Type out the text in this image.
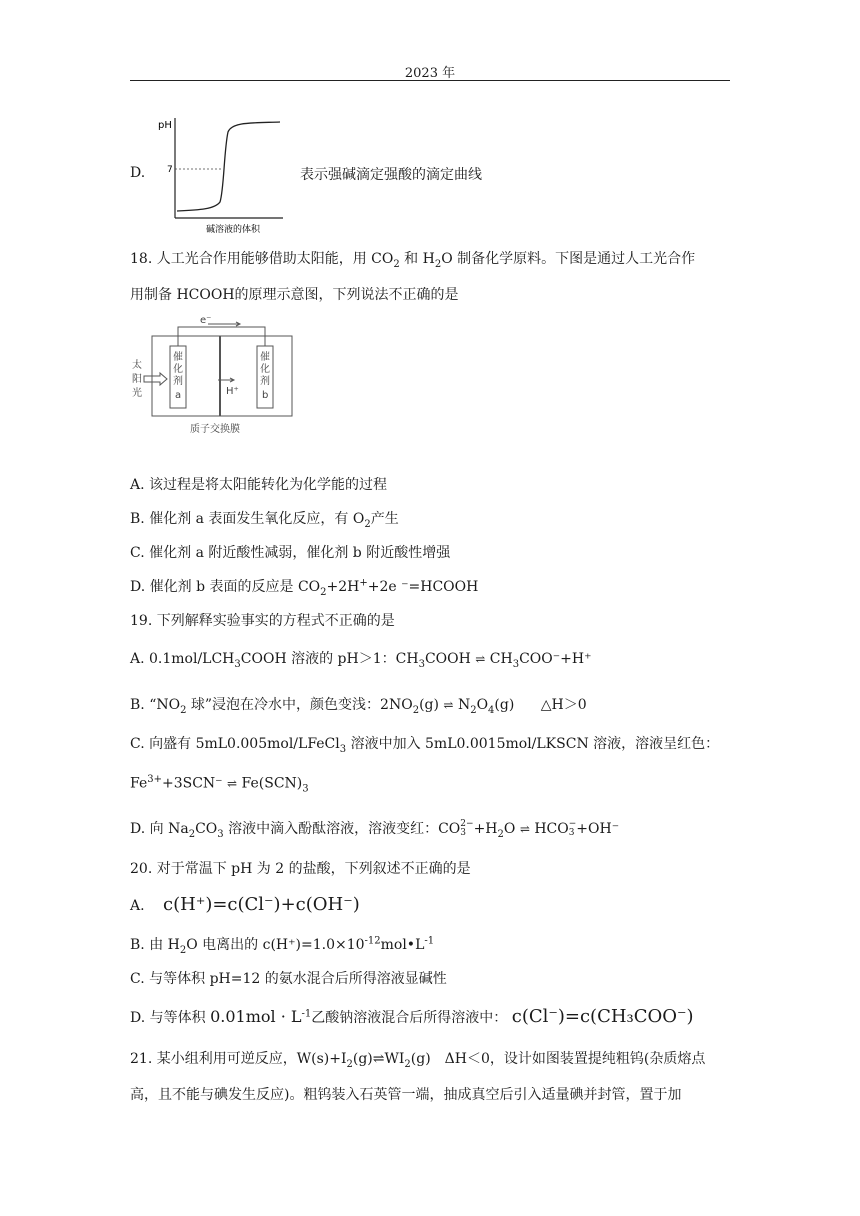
2023 年
D.
pH
7
碱溶液的体积
表示强碱滴定强酸的滴定曲线
18. 人工光合作用能够借助太阳能，用 $CO_2$ 和 $H_2O$ 制备化学原料。下图是通过人工光合作
用制备 HCOOH的原理示意图，下列说法不正确的是
e⁻
太
阳
光
催
化
剂
a
催
化
剂
b
H⁺
质子交换膜
A. 该过程是将太阳能转化为化学能的过程
B. 催化剂 a 表面发生氧化反应，有 $O_2$产生
C. 催化剂 a 附近酸性减弱，催化剂 b 附近酸性增强
D. 催化剂 b 表面的反应是 $CO_2+2H^++2e$ ⁻=HCOOH
19. 下列解释实验事实的方程式不正确的是
A. $0.1mol/LCH_3COOH$ 溶液的 pH＞1：$CH_3COOH$ ⇌ $CH_3COO^-+H^+$
B. “$NO_2$ 球”浸泡在冷水中，颜色变浅：$2NO_2(g)$ ⇌ $N_2O_4(g)$ △H＞0
C. 向盛有 5mL0.005mol/LFeCl$_3$ 溶液中加入 5mL0.0015mol/LKSCN 溶液，溶液呈红色：
$Fe^{3+}+3SCN^-$ ⇌ $Fe(SCN)_3$
D. 向 $Na_2CO_3$ 溶液中滴入酚酞溶液，溶液变红：CO 2−
$3 +H_2O$ ⇌ HCO −
3 +OH⁻
20. 对于常温下 pH 为 2 的盐酸，下列叙述不正确的是
A. c(H⁺)=c(Cl⁻)+c(OH⁻)
B. 由 $H_2O$ 电离出的 $c(H^+)=1.0\times 10^{-12}mol•L^{-1}$
C. 与等体积 pH=12 的氨水混合后所得溶液显碱性
D. 与等体积 $0.01mol \cdot L^{-1}$乙酸钠溶液混合后所得溶液中： c(Cl⁻)=c(CH₃COO⁻)
21. 某小组利用可逆反应，$W(s)+I_2(g)\rightleftharpoons WI_2(g)$　ΔH＜0，设计如图装置提纯粗钨(杂质熔点
高，且不能与碘发生反应)。粗钨装入石英管一端，抽成真空后引入适量碘并封管，置于加
